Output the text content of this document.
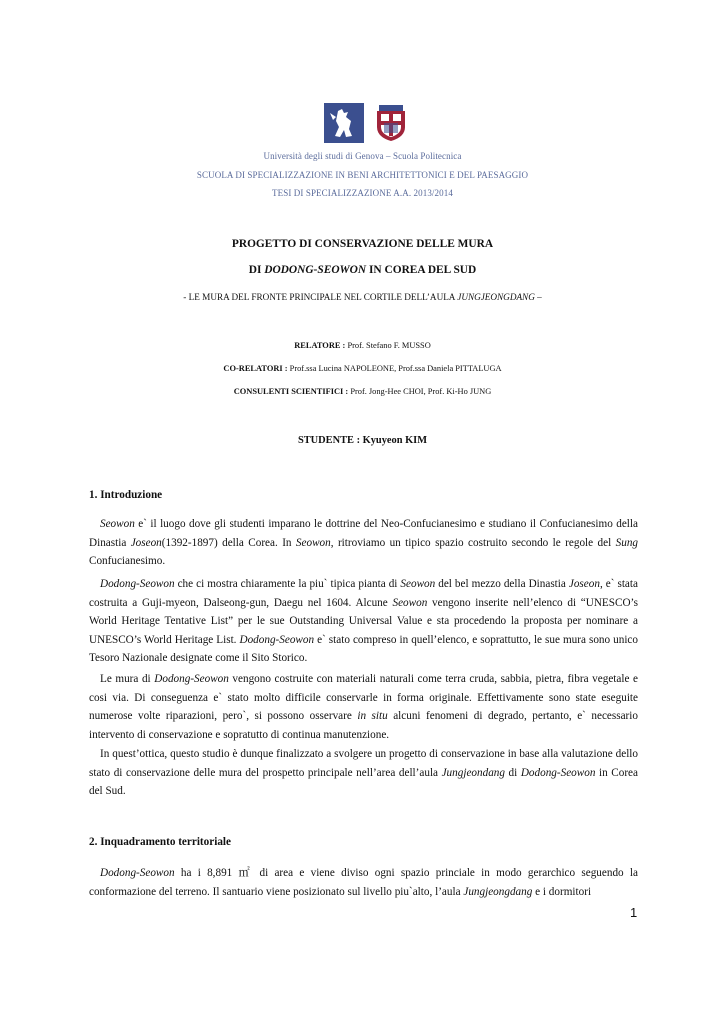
Università degli studi di Genova – Scuola Politecnica
SCUOLA DI SPECIALIZZAZIONE IN BENI ARCHITETTONICI E DEL PAESAGGIO
TESI DI SPECIALIZZAZIONE A.A. 2013/2014
PROGETTO DI CONSERVAZIONE DELLE MURA
DI DODONG-SEOWON IN COREA DEL SUD
- LE MURA DEL FRONTE PRINCIPALE NEL CORTILE DELL’AULA JUNGJEONGDANG –
RELATORE : Prof. Stefano F. MUSSO
CO-RELATORI : Prof.ssa Lucina NAPOLEONE, Prof.ssa Daniela PITTALUGA
CONSULENTI SCIENTIFICI : Prof. Jong-Hee CHOI, Prof. Ki-Ho JUNG
STUDENTE : Kyuyeon KIM
1. Introduzione

Seowon e` il luogo dove gli studenti imparano le dottrine del Neo-Confucianesimo e studiano il Confucianesimo della Dinastia Joseon(1392-1897) della Corea. In Seowon, ritroviamo un tipico spazio costruito secondo le regole del Sung Confucianesimo.

Dodong-Seowon che ci mostra chiaramente la piu` tipica pianta di Seowon del bel mezzo della Dinastia Joseon, e` stata costruita a Guji-myeon, Dalseong-gun, Daegu nel 1604. Alcune Seowon vengono inserite nell’elenco di “UNESCO’s World Heritage Tentative List” per le sue Outstanding Universal Value e sta procedendo la proposta per nominare a UNESCO’s World Heritage List. Dodong-Seowon e` stato compreso in quell’elenco, e soprattutto, le sue mura sono unico Tesoro Nazionale designate come il Sito Storico.

Le mura di Dodong-Seowon vengono costruite con materiali naturali come terra cruda, sabbia, pietra, fibra vegetale e cosi via. Di conseguenza e` stato molto difficile conservarle in forma originale. Effettivamente sono state eseguite numerose volte riparazioni, pero`, si possono osservare in situ alcuni fenomeni di degrado, pertanto, e` necessario intervento di conservazione e sopratutto di continua manutenzione.

In quest’ottica, questo studio è dunque finalizzato a svolgere un progetto di conservazione in base alla valutazione dello stato di conservazione delle mura del prospetto principale nell’area dell’aula Jungjeondang di Dodong-Seowon in Corea del Sud.

2. Inquadramento territoriale

Dodong-Seowon ha i 8,891 ㎡ di area e viene diviso ogni spazio princiale in modo gerarchico seguendo la conformazione del terreno. Il santuario viene posizionato sul livello piu`alto, l’aula Jungjeongdang e i dormitori

1
